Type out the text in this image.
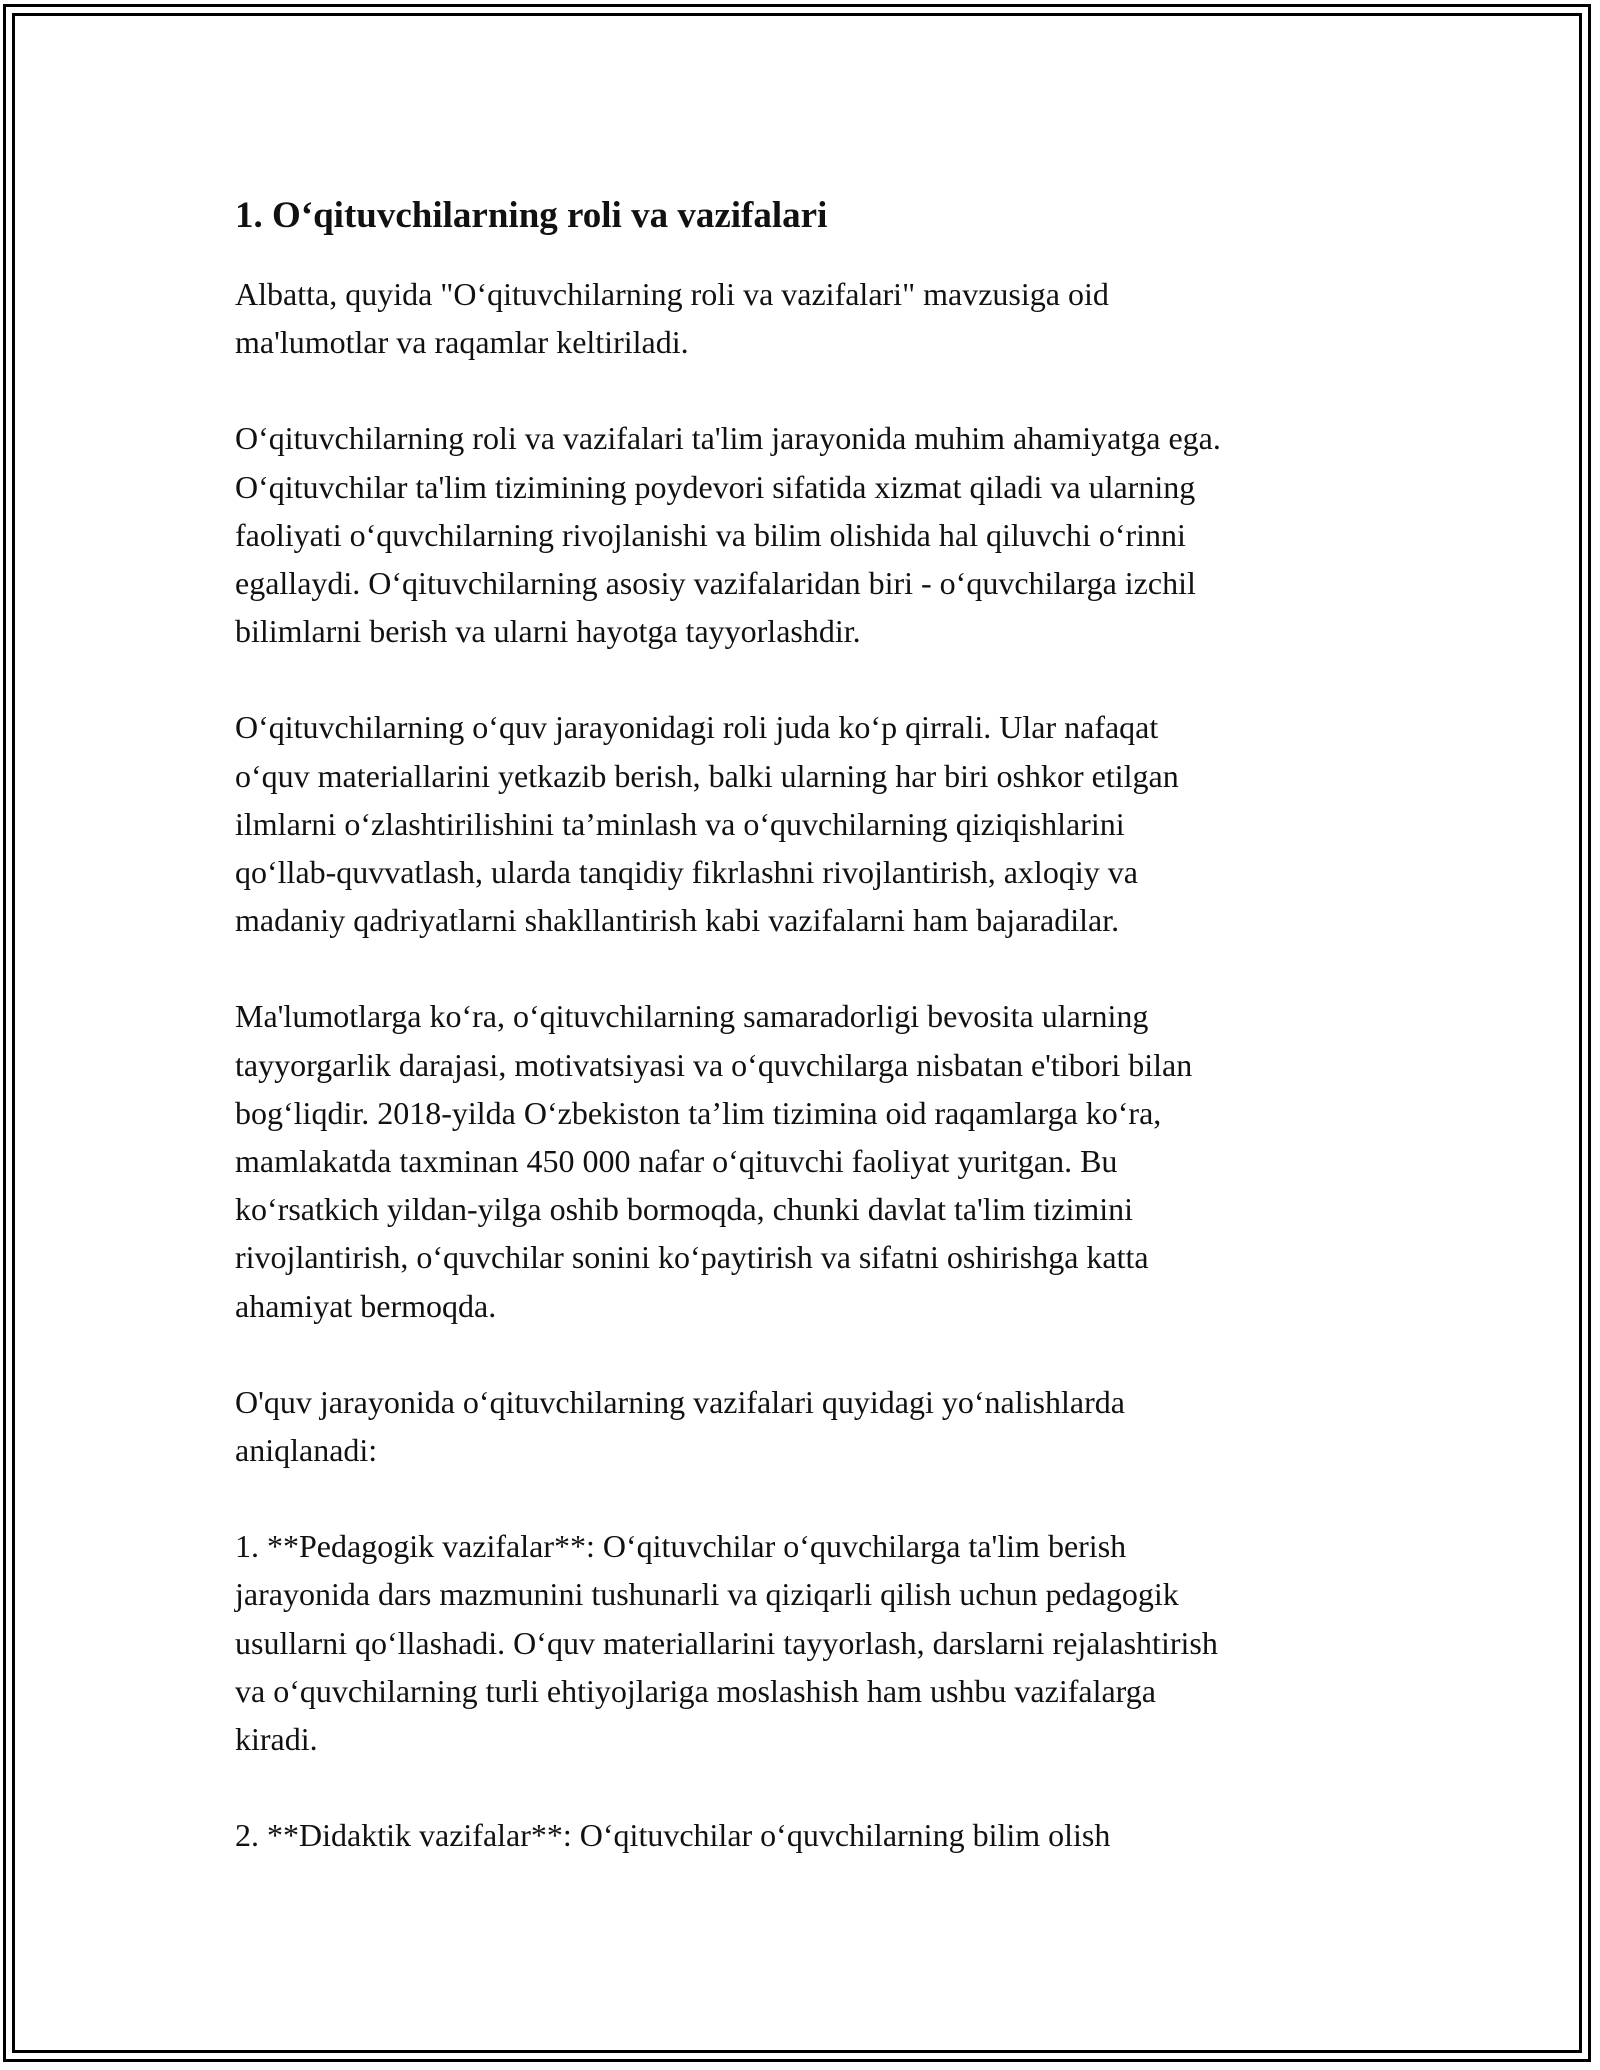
1. O‘qituvchilarning roli va vazifalari

Albatta, quyida "O‘qituvchilarning roli va vazifalari" mavzusiga oid
ma'lumotlar va raqamlar keltiriladi.

O‘qituvchilarning roli va vazifalari ta'lim jarayonida muhim ahamiyatga ega.
O‘qituvchilar ta'lim tizimining poydevori sifatida xizmat qiladi va ularning
faoliyati o‘quvchilarning rivojlanishi va bilim olishida hal qiluvchi o‘rinni
egallaydi. O‘qituvchilarning asosiy vazifalaridan biri - o‘quvchilarga izchil
bilimlarni berish va ularni hayotga tayyorlashdir.

O‘qituvchilarning o‘quv jarayonidagi roli juda ko‘p qirrali. Ular nafaqat
o‘quv materiallarini yetkazib berish, balki ularning har biri oshkor etilgan
ilmlarni o‘zlashtirilishini ta’minlash va o‘quvchilarning qiziqishlarini
qo‘llab-quvvatlash, ularda tanqidiy fikrlashni rivojlantirish, axloqiy va
madaniy qadriyatlarni shakllantirish kabi vazifalarni ham bajaradilar.

Ma'lumotlarga ko‘ra, o‘qituvchilarning samaradorligi bevosita ularning
tayyorgarlik darajasi, motivatsiyasi va o‘quvchilarga nisbatan e'tibori bilan
bog‘liqdir. 2018-yilda O‘zbekiston ta’lim tizimina oid raqamlarga ko‘ra,
mamlakatda taxminan 450 000 nafar o‘qituvchi faoliyat yuritgan. Bu
ko‘rsatkich yildan-yilga oshib bormoqda, chunki davlat ta'lim tizimini
rivojlantirish, o‘quvchilar sonini ko‘paytirish va sifatni oshirishga katta
ahamiyat bermoqda.

O'quv jarayonida o‘qituvchilarning vazifalari quyidagi yo‘nalishlarda
aniqlanadi:

1. **Pedagogik vazifalar**: O‘qituvchilar o‘quvchilarga ta'lim berish
jarayonida dars mazmunini tushunarli va qiziqarli qilish uchun pedagogik
usullarni qo‘llashadi. O‘quv materiallarini tayyorlash, darslarni rejalashtirish
va o‘quvchilarning turli ehtiyojlariga moslashish ham ushbu vazifalarga
kiradi.

2. **Didaktik vazifalar**: O‘qituvchilar o‘quvchilarning bilim olish
